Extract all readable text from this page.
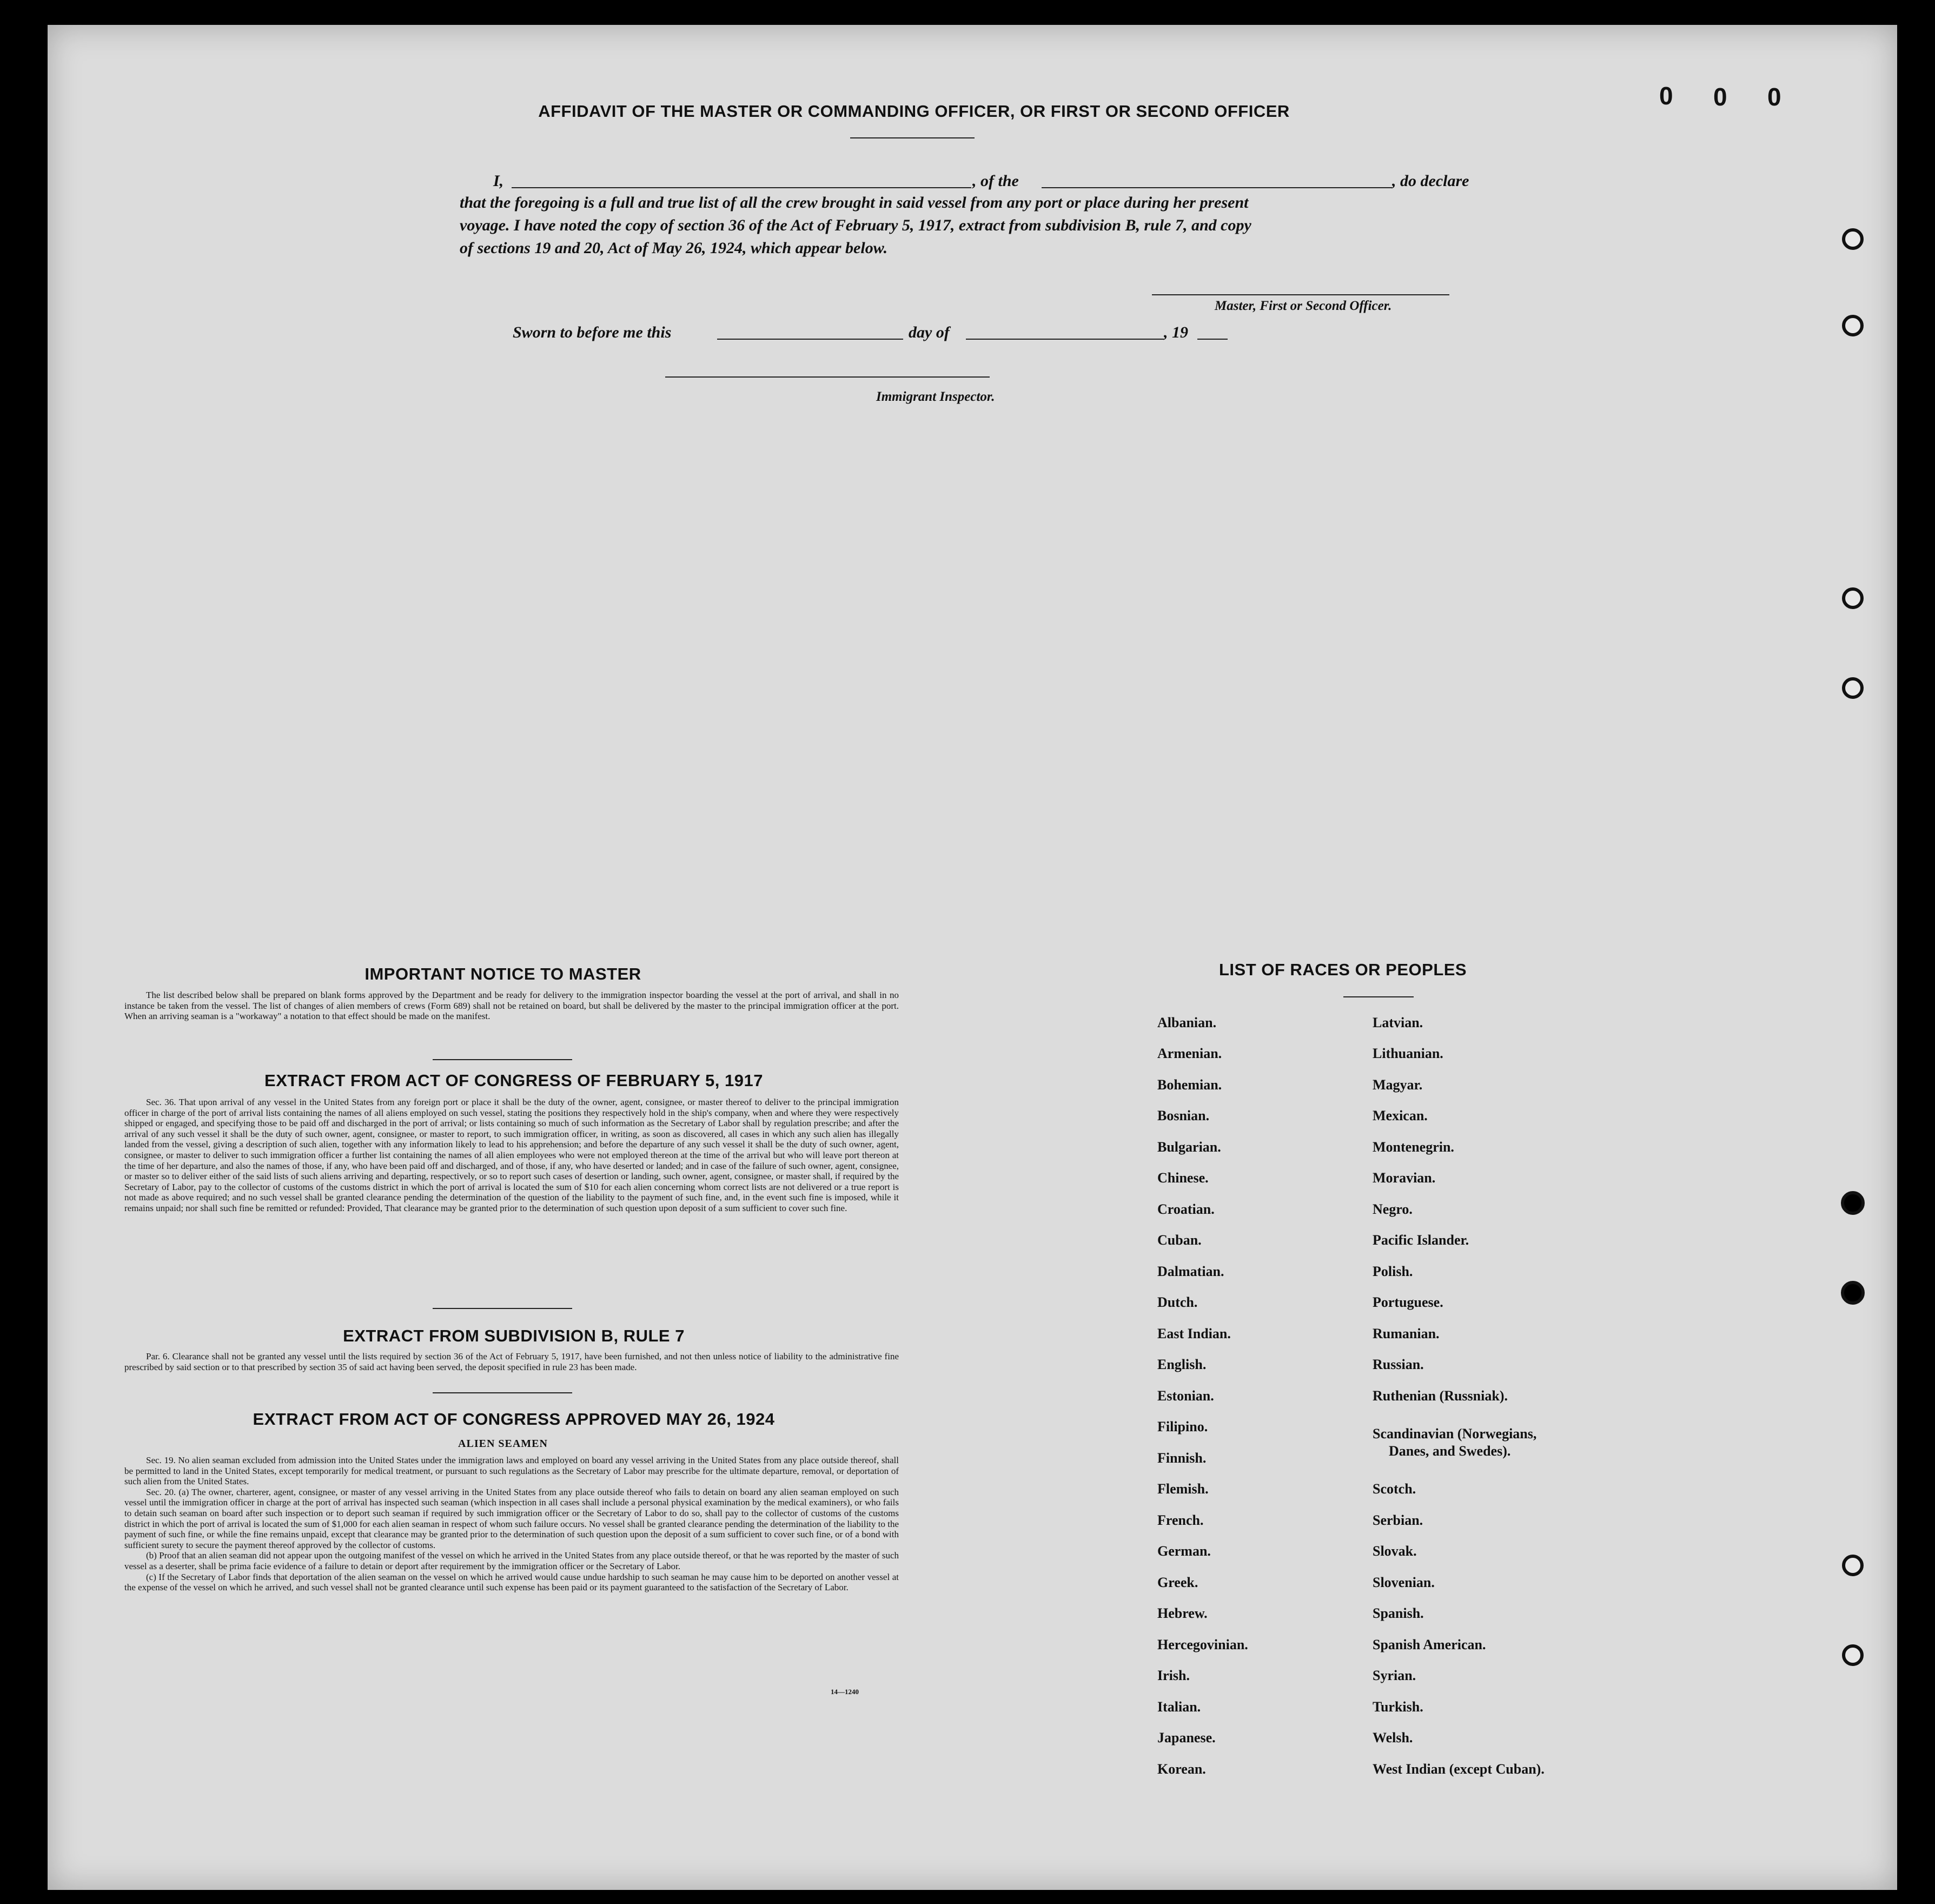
0 0 0
AFFIDAVIT OF THE MASTER OR COMMANDING OFFICER, OR FIRST OR SECOND OFFICER
I,	, of the	, do declare
that the foregoing is a full and true list of all the crew brought in said vessel from any port or place during her present
voyage. I have noted the copy of section 36 of the Act of February 5, 1917, extract from subdivision B, rule 7, and copy
of sections 19 and 20, Act of May 26, 1924, which appear below.
Master, First or Second Officer.
Sworn to before me this	day of	, 19
Immigrant Inspector.
IMPORTANT NOTICE TO MASTER

The list described below shall be prepared on blank forms approved by the Department and be ready for delivery to the immigration inspector boarding the vessel at the port of arrival, and shall in no instance be taken from the vessel. The list of changes of alien members of crews (Form 689) shall not be retained on board, but shall be delivered by the master to the principal immigration officer at the port. When an arriving seaman is a "workaway" a notation to that effect should be made on the manifest.

EXTRACT FROM ACT OF CONGRESS OF FEBRUARY 5, 1917

Sec. 36. That upon arrival of any vessel in the United States from any foreign port or place it shall be the duty of the owner, agent, consignee, or master thereof to deliver to the principal immigration officer in charge of the port of arrival lists containing the names of all aliens employed on such vessel, stating the positions they respectively hold in the ship's company, when and where they were respectively shipped or engaged, and specifying those to be paid off and discharged in the port of arrival; or lists containing so much of such information as the Secretary of Labor shall by regulation prescribe; and after the arrival of any such vessel it shall be the duty of such owner, agent, consignee, or master to report, to such immigration officer, in writing, as soon as discovered, all cases in which any such alien has illegally landed from the vessel, giving a description of such alien, together with any information likely to lead to his apprehension; and before the departure of any such vessel it shall be the duty of such owner, agent, consignee, or master to deliver to such immigration officer a further list containing the names of all alien employees who were not employed thereon at the time of the arrival but who will leave port thereon at the time of her departure, and also the names of those, if any, who have been paid off and discharged, and of those, if any, who have deserted or landed; and in case of the failure of such owner, agent, consignee, or master so to deliver either of the said lists of such aliens arriving and departing, respectively, or so to report such cases of desertion or landing, such owner, agent, consignee, or master shall, if required by the Secretary of Labor, pay to the collector of customs of the customs district in which the port of arrival is located the sum of $10 for each alien concerning whom correct lists are not delivered or a true report is not made as above required; and no such vessel shall be granted clearance pending the determination of the question of the liability to the payment of such fine, and, in the event such fine is imposed, while it remains unpaid; nor shall such fine be remitted or refunded: Provided, That clearance may be granted prior to the determination of such question upon deposit of a sum sufficient to cover such fine.

EXTRACT FROM SUBDIVISION B, RULE 7

Par. 6. Clearance shall not be granted any vessel until the lists required by section 36 of the Act of February 5, 1917, have been furnished, and not then unless notice of liability to the administrative fine prescribed by said section or to that prescribed by section 35 of said act having been served, the deposit specified in rule 23 has been made.

EXTRACT FROM ACT OF CONGRESS APPROVED MAY 26, 1924
ALIEN SEAMEN

Sec. 19. No alien seaman excluded from admission into the United States under the immigration laws and employed on board any vessel arriving in the United States from any place outside thereof, shall be permitted to land in the United States, except temporarily for medical treatment, or pursuant to such regulations as the Secretary of Labor may prescribe for the ultimate departure, removal, or deportation of such alien from the United States.

Sec. 20. (a) The owner, charterer, agent, consignee, or master of any vessel arriving in the United States from any place outside thereof who fails to detain on board any alien seaman employed on such vessel until the immigration officer in charge at the port of arrival has inspected such seaman (which inspection in all cases shall include a personal physical examination by the medical examiners), or who fails to detain such seaman on board after such inspection or to deport such seaman if required by such immigration officer or the Secretary of Labor to do so, shall pay to the collector of customs of the customs district in which the port of arrival is located the sum of $1,000 for each alien seaman in respect of whom such failure occurs. No vessel shall be granted clearance pending the determination of the liability to the payment of such fine, or while the fine remains unpaid, except that clearance may be granted prior to the determination of such question upon the deposit of a sum sufficient to cover such fine, or of a bond with sufficient surety to secure the payment thereof approved by the collector of customs.

(b) Proof that an alien seaman did not appear upon the outgoing manifest of the vessel on which he arrived in the United States from any place outside thereof, or that he was reported by the master of such vessel as a deserter, shall be prima facie evidence of a failure to detain or deport after requirement by the immigration officer or the Secretary of Labor.

(c) If the Secretary of Labor finds that deportation of the alien seaman on the vessel on which he arrived would cause undue hardship to such seaman he may cause him to be deported on another vessel at the expense of the vessel on which he arrived, and such vessel shall not be granted clearance until such expense has been paid or its payment guaranteed to the satisfaction of the Secretary of Labor.

14—1240
LIST OF RACES OR PEOPLES
Albanian.
Armenian.
Bohemian.
Bosnian.
Bulgarian.
Chinese.
Croatian.
Cuban.
Dalmatian.
Dutch.
East Indian.
English.
Estonian.
Filipino.
Finnish.
Flemish.
French.
German.
Greek.
Hebrew.
Hercegovinian.
Irish.
Italian.
Japanese.
Korean.
Latvian.
Lithuanian.
Magyar.
Mexican.
Montenegrin.
Moravian.
Negro.
Pacific Islander.
Polish.
Portuguese.
Rumanian.
Russian.
Ruthenian (Russniak).
Scandinavian (Norwegians,
Danes, and Swedes).
Scotch.
Serbian.
Slovak.
Slovenian.
Spanish.
Spanish American.
Syrian.
Turkish.
Welsh.
West Indian (except Cuban).
